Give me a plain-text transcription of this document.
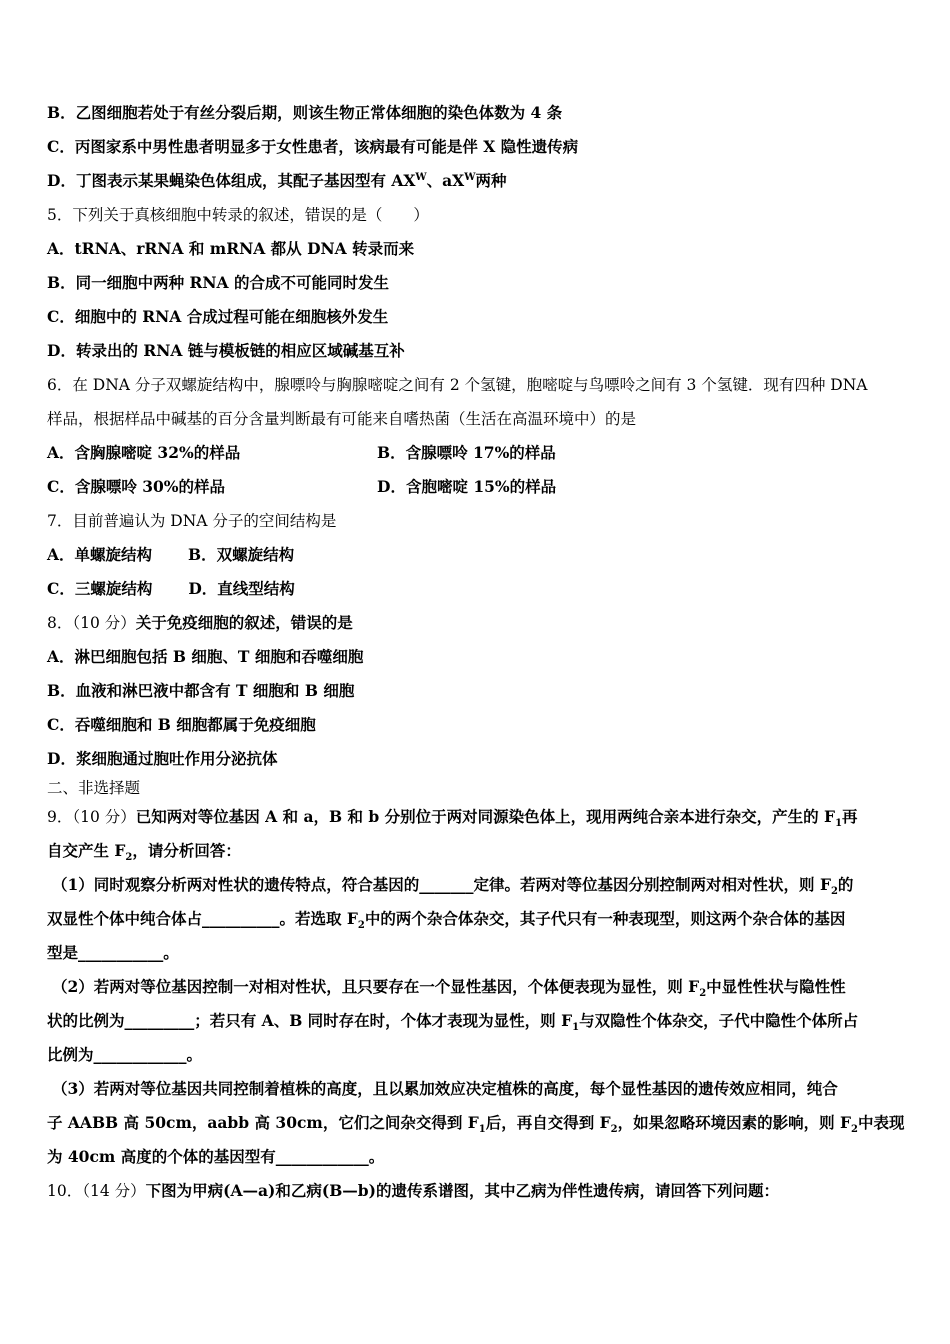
B．乙图细胞若处于有丝分裂后期，则该生物正常体细胞的染色体数为 4 条
C．丙图家系中男性患者明显多于女性患者，该病最有可能是伴 X 隐性遗传病
D．丁图表示某果蝇染色体组成，其配子基因型有 $AX^W$、$aX^W$两种
5．下列关于真核细胞中转录的叙述，错误的是（　　）
A．tRNA、rRNA 和 mRNA 都从 DNA 转录而来
B．同一细胞中两种 RNA 的合成不可能同时发生
C．细胞中的 RNA 合成过程可能在细胞核外发生
D．转录出的 RNA 链与模板链的相应区域碱基互补
6．在 DNA 分子双螺旋结构中，腺嘌呤与胸腺嘧啶之间有 2 个氢键，胞嘧啶与鸟嘌呤之间有 3 个氢键．现有四种 DNA
样品，根据样品中碱基的百分含量判断最有可能来自嗜热菌（生活在高温环境中）的是
A．含胸腺嘧啶 32%的样品	B．含腺嘌呤 17%的样品
C．含腺嘌呤 30%的样品	D．含胞嘧啶 15%的样品
7．目前普遍认为 DNA 分子的空间结构是
A．单螺旋结构 B．双螺旋结构
C．三螺旋结构 D．直线型结构
8．（10 分）关于免疫细胞的叙述，错误的是
A．淋巴细胞包括 B 细胞、T 细胞和吞噬细胞
B．血液和淋巴液中都含有 T 细胞和 B 细胞
C．吞噬细胞和 B 细胞都属于免疫细胞
D．浆细胞通过胞吐作用分泌抗体
二、非选择题
9．（10 分）已知两对等位基因 A 和 a，B 和 b 分别位于两对同源染色体上，现用两纯合亲本进行杂交，产生的 $F_1$再
自交产生 $F_2$，请分析回答：
（1）同时观察分析两对性状的遗传特点，符合基因的_______定律。若两对等位基因分别控制两对相对性状，则 $F_2$的
双显性个体中纯合体占__________。若选取 $F_2$中的两个杂合体杂交，其子代只有一种表现型，则这两个杂合体的基因
型是___________。
（2）若两对等位基因控制一对相对性状，且只要存在一个显性基因，个体便表现为显性，则 $F_2$中显性性状与隐性性
状的比例为_________；若只有 A、B 同时存在时，个体才表现为显性，则 $F_1$与双隐性个体杂交，子代中隐性个体所占
比例为____________。
（3）若两对等位基因共同控制着植株的高度，且以累加效应决定植株的高度，每个显性基因的遗传效应相同，纯合
子 AABB 高 50cm，aabb 高 30cm，它们之间杂交得到 $F_1$后，再自交得到 $F_2$，如果忽略环境因素的影响，则 $F_2$中表现
为 40cm 高度的个体的基因型有____________。
10．（14 分）下图为甲病(A—a)和乙病(B—b)的遗传系谱图，其中乙病为伴性遗传病，请回答下列问题：
